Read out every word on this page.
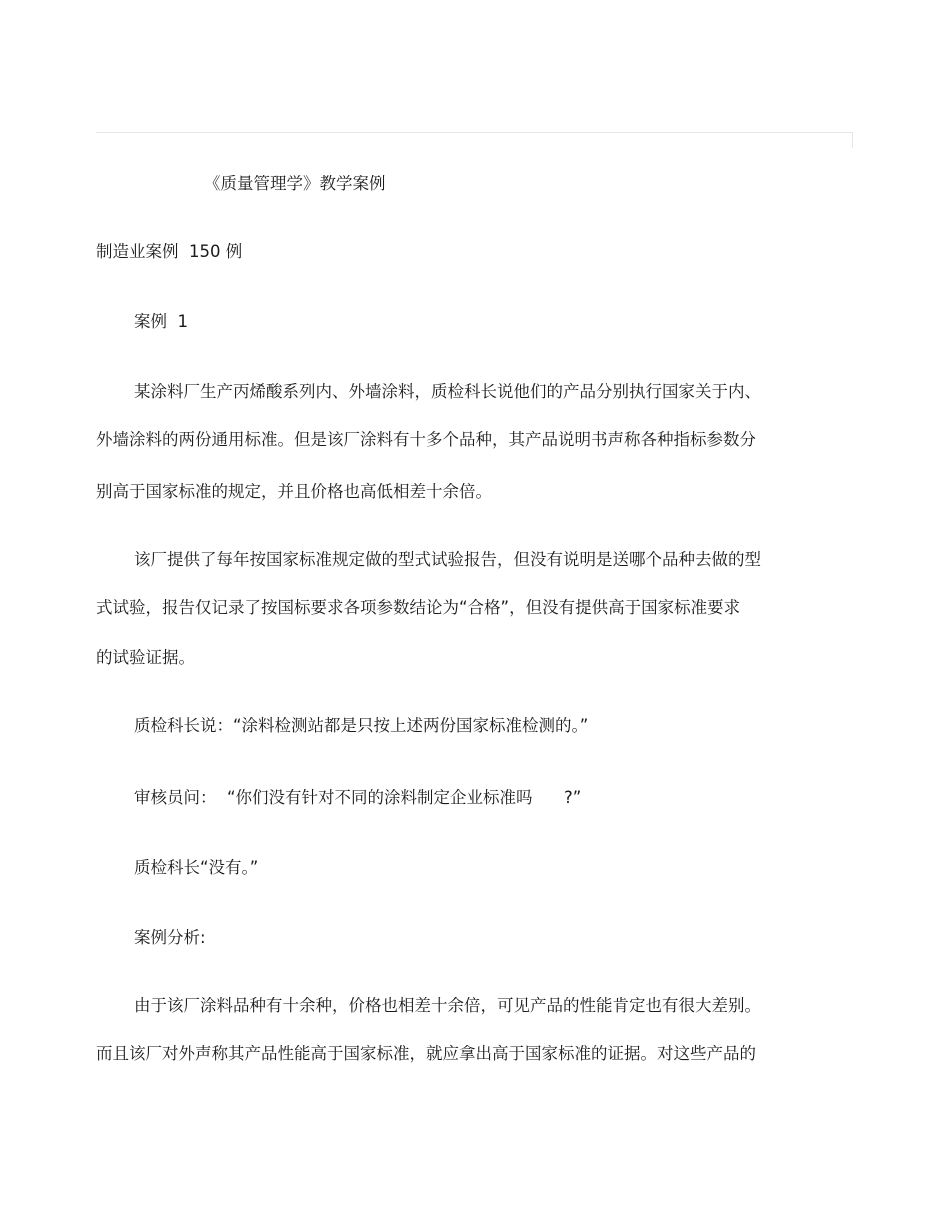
《质量管理学》教学案例

制造业案例  150 例

案例  1

某涂料厂生产丙烯酸系列内、外墙涂料，质检科长说他们的产品分别执行国家关于内、

外墙涂料的两份通用标准。但是该厂涂料有十多个品种，其产品说明书声称各种指标参数分

别高于国家标准的规定，并且价格也高低相差十余倍。

该厂提供了每年按国家标准规定做的型式试验报告，但没有说明是送哪个品种去做的型

式试验，报告仅记录了按国标要求各项参数结论为“合格”，但没有提供高于国家标准要求

的试验证据。

质检科长说：“涂料检测站都是只按上述两份国家标准检测的。”

审核员问：  “你们没有针对不同的涂料制定企业标准吗      ?”

质检科长“没有。”

案例分析:

由于该厂涂料品种有十余种，价格也相差十余倍，可见产品的性能肯定也有很大差别。

而且该厂对外声称其产品性能高于国家标准，就应拿出高于国家标准的证据。对这些产品的
